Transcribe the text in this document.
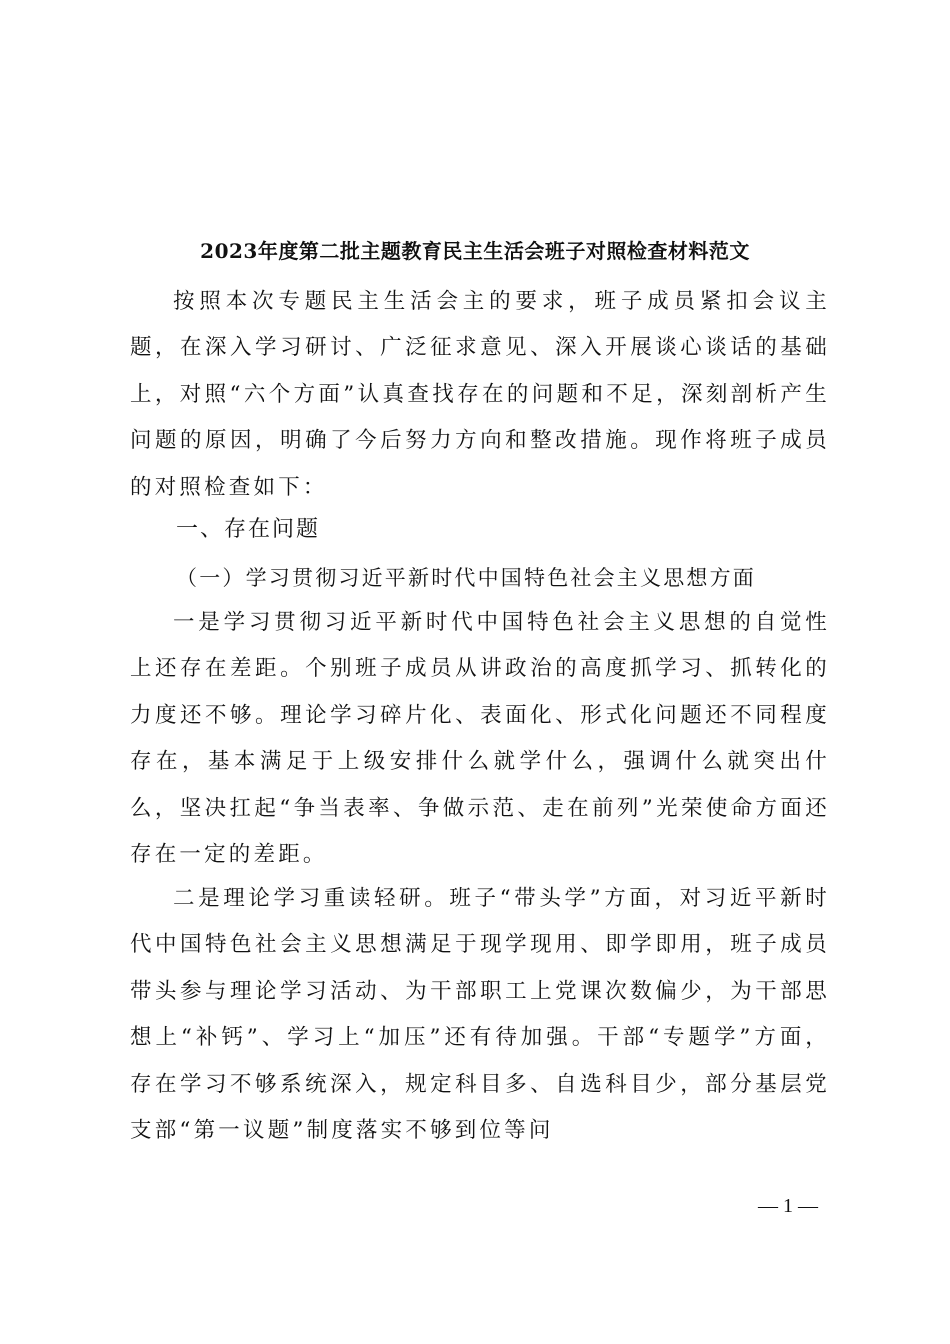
2023年度第二批主题教育民主生活会班子对照检查材料范文

按照本次专题民主生活会主的要求，班子成员紧扣会议主题，在深入学习研讨、广泛征求意见、深入开展谈心谈话的基础上，对照“六个方面”认真查找存在的问题和不足，深刻剖析产生问题的原因，明确了今后努力方向和整改措施。现作将班子成员的对照检查如下：

一、存在问题
（一）学习贯彻习近平新时代中国特色社会主义思想方面

一是学习贯彻习近平新时代中国特色社会主义思想的自觉性上还存在差距。个别班子成员从讲政治的高度抓学习、抓转化的力度还不够。理论学习碎片化、表面化、形式化问题还不同程度存在，基本满足于上级安排什么就学什么，强调什么就突出什么，坚决扛起“争当表率、争做示范、走在前列”光荣使命方面还存在一定的差距。

二是理论学习重读轻研。班子“带头学”方面，对习近平新时代中国特色社会主义思想满足于现学现用、即学即用，班子成员带头参与理论学习活动、为干部职工上党课次数偏少，为干部思想上“补钙”、学习上“加压”还有待加强。干部“专题学”方面，存在学习不够系统深入，规定科目多、自选科目少，部分基层党支部“第一议题”制度落实不够到位等问

— 1 —
